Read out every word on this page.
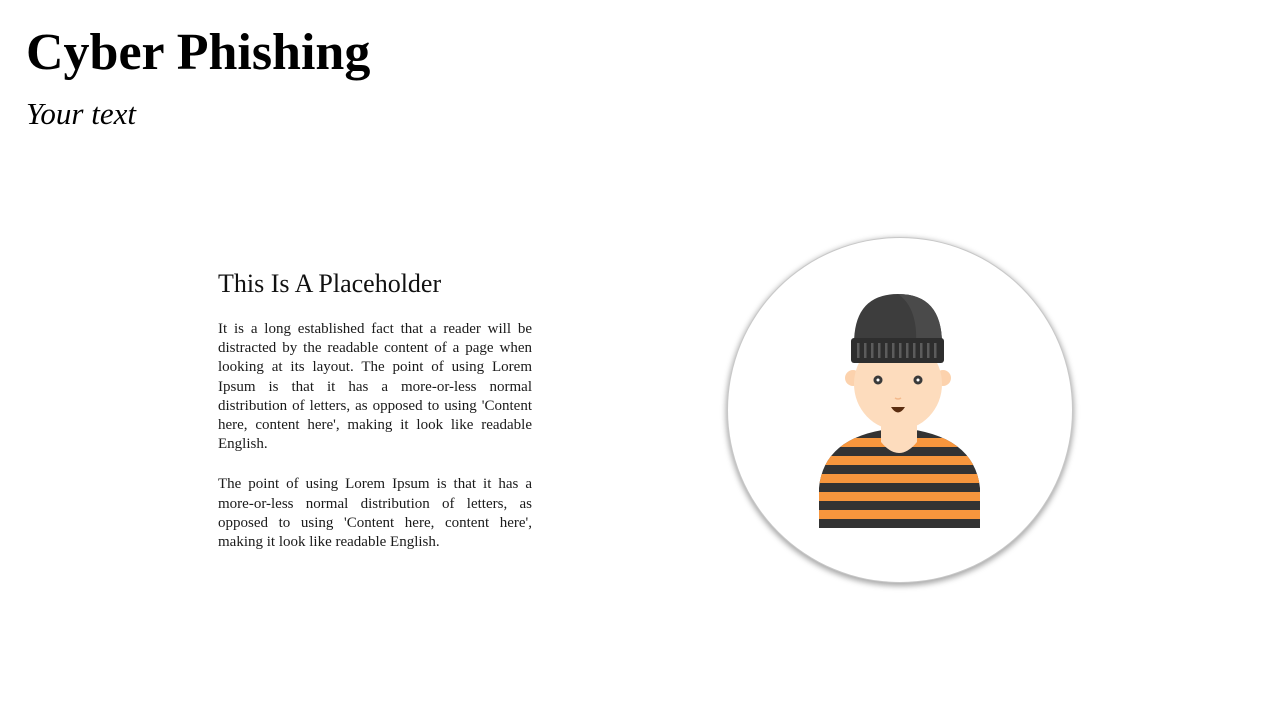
Cyber Phishing

Your text

This Is A Placeholder

It is a long established fact that a reader will be distracted by the readable content of a page when looking at its layout. The point of using Lorem Ipsum is that it has a more-or-less normal distribution of letters, as opposed to using 'Content here, content here', making it look like readable English.

The point of using Lorem Ipsum is that it has a more-or-less normal distribution of letters, as opposed to using 'Content here, content here', making it look like readable English.
